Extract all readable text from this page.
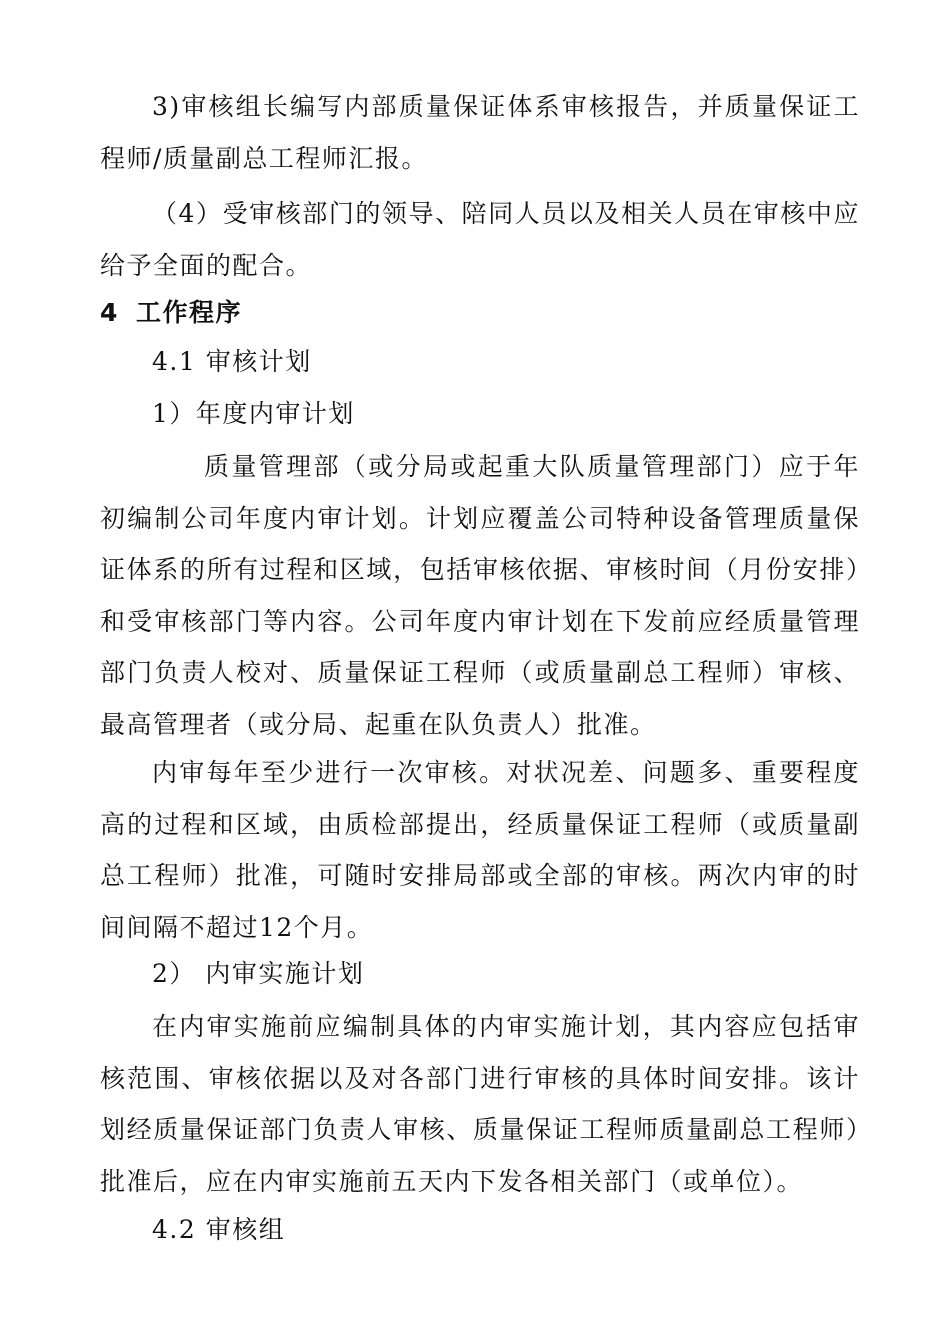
3)审核组长编写内部质量保证体系审核报告，并质量保证工程师/质量副总工程师汇报。

（4）受审核部门的领导、陪同人员以及相关人员在审核中应给予全面的配合。

4 工作程序

4.1 审核计划

1）年度内审计划

质量管理部（或分局或起重大队质量管理部门）应于年初编制公司年度内审计划。计划应覆盖公司特种设备管理质量保证体系的所有过程和区域，包括审核依据、审核时间（月份安排）和受审核部门等内容。公司年度内审计划在下发前应经质量管理部门负责人校对、质量保证工程师（或质量副总工程师）审核、最高管理者（或分局、起重在队负责人）批准。

内审每年至少进行一次审核。对状况差、问题多、重要程度高的过程和区域，由质检部提出，经质量保证工程师（或质量副总工程师）批准，可随时安排局部或全部的审核。两次内审的时间间隔不超过12个月。

2） 内审实施计划

在内审实施前应编制具体的内审实施计划，其内容应包括审核范围、审核依据以及对各部门进行审核的具体时间安排。该计划经质量保证部门负责人审核、质量保证工程师质量副总工程师）批准后，应在内审实施前五天内下发各相关部门（或单位）。

4.2 审核组
